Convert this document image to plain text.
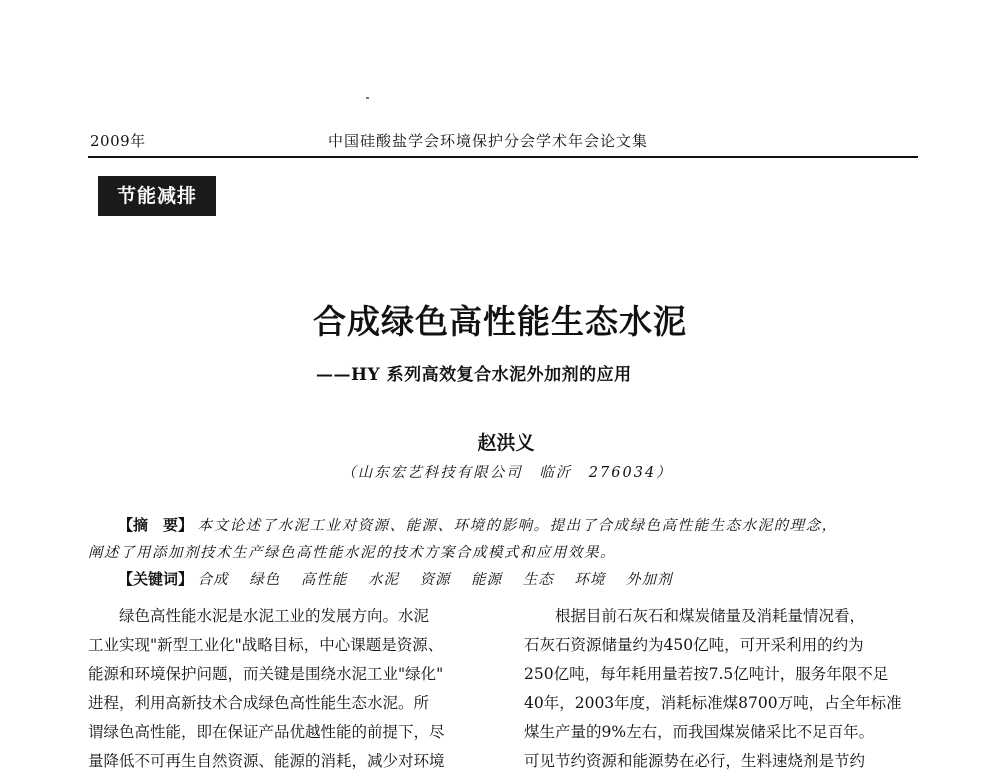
2009年	中国硅酸盐学会环境保护分会学术年会论文集
节能减排
合成绿色高性能生态水泥
——HY 系列高效复合水泥外加剂的应用
赵洪义
（山东宏艺科技有限公司　临沂　276034）
【摘　要】 本文论述了水泥工业对资源、能源、环境的影响。提出了合成绿色高性能生态水泥的理念，
阐述了用添加剂技术生产绿色高性能水泥的技术方案合成模式和应用效果。
【关键词】 合成 绿色 高性能 水泥 资源 能源 生态 环境 外加剂
绿色高性能水泥是水泥工业的发展方向。水泥
工业实现"新型工业化"战略目标，中心课题是资源、
能源和环境保护问题，而关键是围绕水泥工业"绿化"
进程，利用高新技术合成绿色高性能生态水泥。所
谓绿色高性能，即在保证产品优越性能的前提下，尽
量降低不可再生自然资源、能源的消耗，减少对环境
根据目前石灰石和煤炭储量及消耗量情况看，
石灰石资源储量约为450亿吨，可开采利用的约为
250亿吨，每年耗用量若按7.5亿吨计，服务年限不足
40年，2003年度，消耗标准煤8700万吨，占全年标准
煤生产量的9%左右，而我国煤炭储采比不足百年。
可见节约资源和能源势在必行，生料速烧剂是节约
